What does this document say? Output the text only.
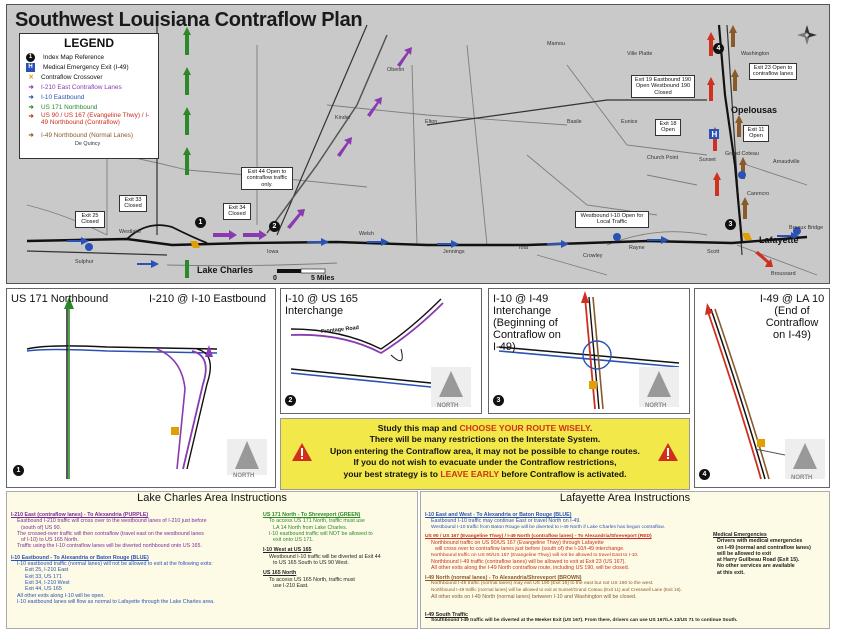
H
Southwest Louisiana Contraflow Plan
LEGEND
1	Index Map Reference
H	Medical Emergency Exit (I-49)
✕	Contraflow Crossover
➜	I-210 East Contraflow Lanes
➜	I-10 Eastbound
➜	US 171 Northbound
➜	US 90 / US 167 (Evangeline Thwy) / I-49 Northbound (Contraflow)
➜	I-49 Northbound (Normal Lanes)
Exit 25 Closed
Exit 33 Closed	Exit 34 Closed
Exit 44 Open to contraflow traffic only.
Westbound I-10 Open for Local Traffic
Exit 19 Eastbound 190 Open Westbound 190 Closed
Exit 18 Open	Exit 11 Open
Exit 23 Open to contraflow lanes
Lake Charles
Lafayette
Opelousas
De Quincy
Westlake
Sulphur
Iowa
Welsh
Jennings
Crowley
Rayne
Scott
Carencro
Grand Coteau
Sunset
Church Point
Eunice
Oberlin
Kinder
Elton	Basile
Washington
Arnaudville
Breaux Bridge
Broussard
Iota
Mamou
Ville Platte
1
2	3
4
0	5 Miles
US 171 Northbound	I-210 @ I-10 Eastbound
1
NORTH
I-10 @ US 165 Interchange
Frontage Road
2
NORTH
I-10 @ I-49 Interchange (Beginning of Contraflow on I-49)
3
NORTH
I-49 @ LA 10 (End of Contraflow on I-49)
4	NORTH
Study this map and CHOOSE YOUR ROUTE WISELY.
There will be many restrictions on the Interstate System.
Upon entering the Contraflow area, it may not be possible to change routes.
If you do not wish to evacuate under the Contraflow restrictions,
your best strategy is to LEAVE EARLY before Contraflow is activated.
Lake Charles Area Instructions
I-210 East (contraflow lanes) - To Alexandria (PURPLE)
Eastbound I-210 traffic will cross over to the westbound lanes of I-210 just before
(south of) US 90.
The crossed-over traffic will then contraflow (travel east on the westbound lanes
of I-10) to US 165 North.
Traffic using the I-10 contraflow lanes will be diverted northbound onto US 165.
I-10 Eastbound - To Alexandria or Baton Rouge (BLUE)
I-10 eastbound traffic (normal lanes) will not be allowed to exit at the following exits:
Exit 25, I-210 East
Exit 33, US 171
Exit 34, I-210 West
Exit 44, US 165
All other exits along I-10 will be open.
I-10 eastbound lanes will flow as normal to Lafayette through the Lake Charles area.
US 171 North - To Shreveport (GREEN)
To access US 171 North, traffic must use
LA 14 North from Lake Charles.
I-10 eastbound traffic will NOT be allowed to
exit onto US 171.
I-10 West at US 165
Westbound I-10 traffic will be diverted at Exit 44
to US 165 South to US 90 West.
US 165 North
To access US 165 North, traffic must
use I-210 East.
Lafayette Area Instructions
I-10 East and West - To Alexandria or Baton Rouge (BLUE)
Eastbound I-10 traffic may continue East or travel North on I-49.
Westbound I-10 traffic from Baton Rouge will be diverted to I-49 North if Lake Charles has begun contraflow.
US 90 / US 167 (Evangeline Thwy) / I-49 North (contraflow lanes) - To Alexandria/Shreveport (RED)
Northbound traffic on US 90/US 167 (Evangeline Thwy) through Lafayette
will cross over to contraflow lanes just before (south of) the I-10/I-49 interchange.
Northbound traffic on US 90/US 167 (Evangeline Thwy) will not be allowed to travel East to I-10.
Northbound I-49 traffic (contraflow lanes) will be allowed to exit at Exit 23 (US 167).
All other exits along the I-49 North contraflow route, including US 190, will be closed.
I-49 North (normal lanes) - To Alexandria/Shreveport (BROWN)
Northbound I-49 traffic (normal lanes) may exit US 190 (Exit 19) to the east but not US 190 to the west.
Northbound I-49 traffic (normal lanes) will be allowed to exit at Sunset/Grand Coteau (Exit 11) and Cresswell Lane (Exit 18).
All other exits on I-49 North (normal lanes) between I-10 and Washington will be closed.
Medical Emergencies
Drivers with medical emergencies
on I-49 (normal and contraflow lanes)
will be allowed to exit
at Harry Guilbeau Road (Exit 15).
No other services are available
at this exit.
I-49 South Traffic
Southbound I-49 traffic will be diverted at the Meeker Exit (US 167). From there, drivers can use US 167/LA 13/US 71 to continue South.
